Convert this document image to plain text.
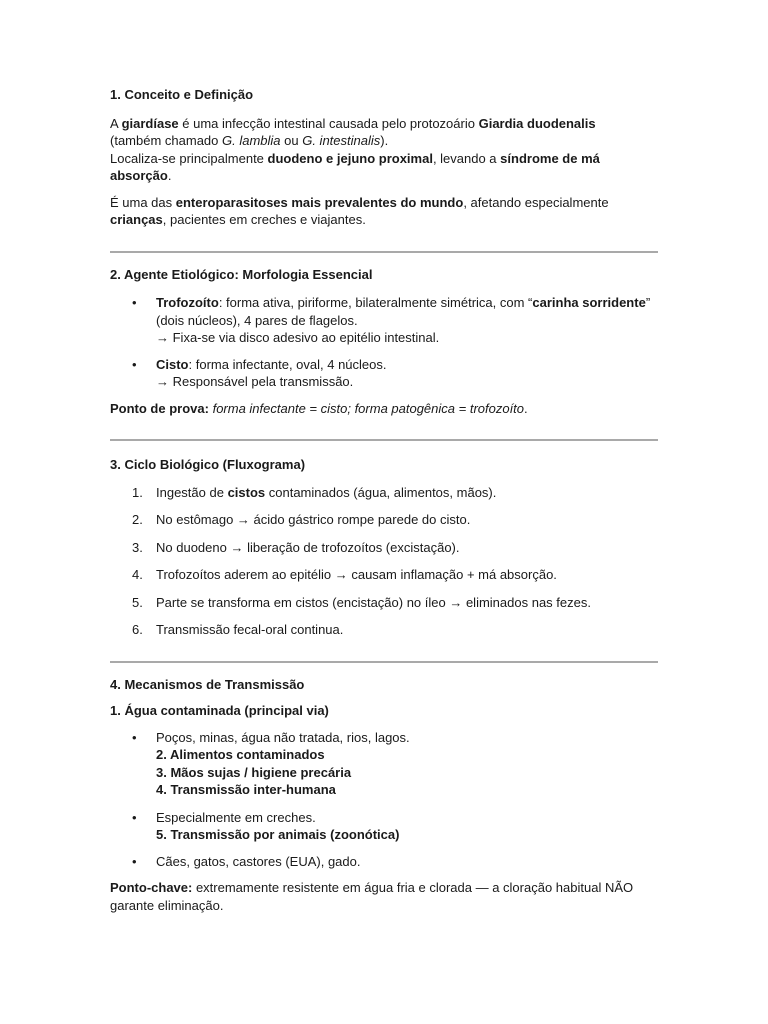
1. Conceito e Definição

A giardíase é uma infecção intestinal causada pelo protozoário Giardia duodenalis
(também chamado G. lamblia ou G. intestinalis).
Localiza-se principalmente duodeno e jejuno proximal, levando a síndrome de má absorção.

É uma das enteroparasitoses mais prevalentes do mundo, afetando especialmente crianças, pacientes em creches e viajantes.

2. Agente Etiológico: Morfologia Essencial
• Trofozoíto: forma ativa, piriforme, bilateralmente simétrica, com “carinha sorridente” (dois núcleos), 4 pares de flagelos.
→ Fixa-se via disco adesivo ao epitélio intestinal.
• Cisto: forma infectante, oval, 4 núcleos.
→ Responsável pela transmissão.

Ponto de prova: forma infectante = cisto; forma patogênica = trofozoíto.

3. Ciclo Biológico (Fluxograma)
1. Ingestão de cistos contaminados (água, alimentos, mãos).
2. No estômago → ácido gástrico rompe parede do cisto.
3. No duodeno → liberação de trofozoítos (excistação).
4. Trofozoítos aderem ao epitélio → causam inflamação + má absorção.
5. Parte se transforma em cistos (encistação) no íleo → eliminados nas fezes.
6. Transmissão fecal-oral continua.
4. Mecanismos de Transmissão

1. Água contaminada (principal via)

• Poços, minas, água não tratada, rios, lagos.
2. Alimentos contaminados
3. Mãos sujas / higiene precária
4. Transmissão inter-humana
• Especialmente em creches.
5. Transmissão por animais (zoonótica)
• Cães, gatos, castores (EUA), gado.

Ponto-chave: extremamente resistente em água fria e clorada — a cloração habitual NÃO garante eliminação.
